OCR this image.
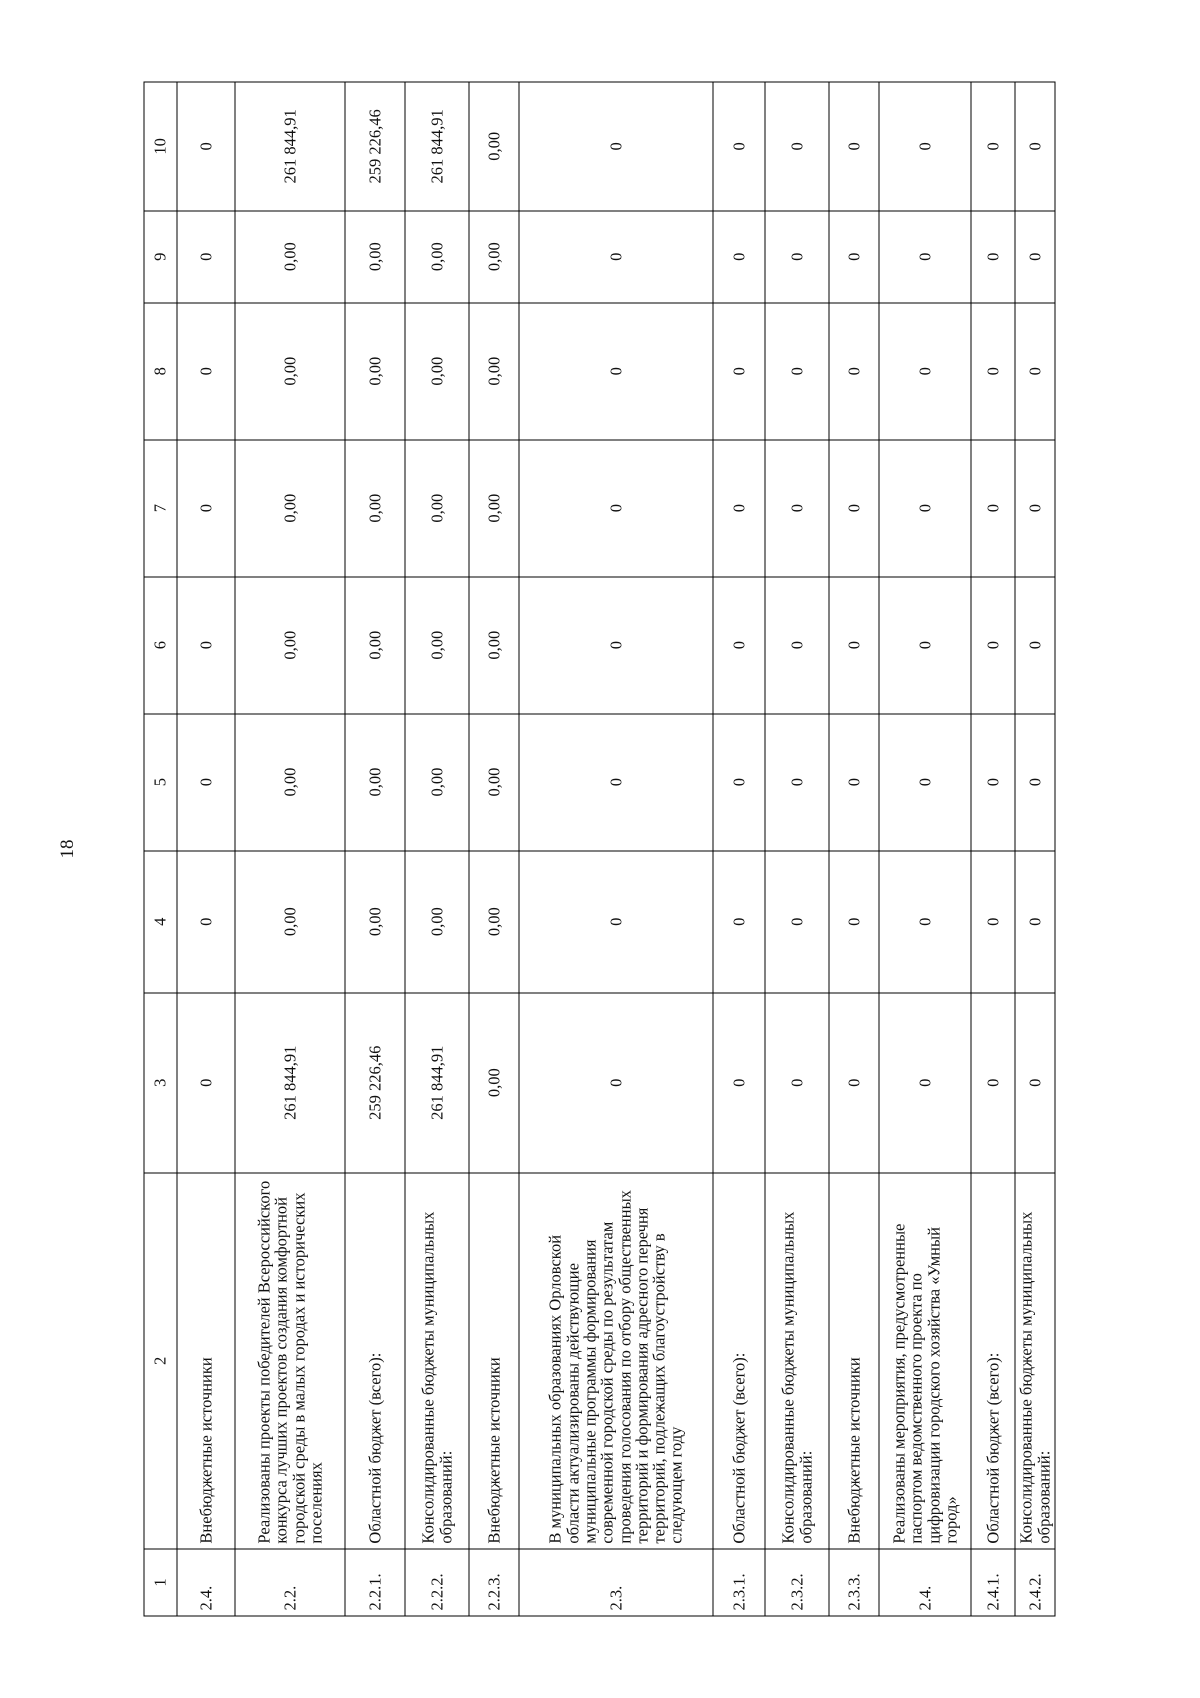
18
1	2	3	4	5	6	7	8	9	10
2.4.	Внебюджетные источники	0	0	0	0	0	0	0	0
2.2.	Реализованы проекты победителей Всероссийского конкурса лучших проектов создания комфортной городской среды в малых городах и исторических поселениях	261 844,91	0,00	0,00	0,00	0,00	0,00	0,00	261 844,91
2.2.1.	Областной бюджет (всего):	259 226,46	0,00	0,00	0,00	0,00	0,00	0,00	259 226,46
2.2.2.	Консолидированные бюджеты муниципальных образований:	261 844,91	0,00	0,00	0,00	0,00	0,00	0,00	261 844,91
2.2.3.	Внебюджетные источники	0,00	0,00	0,00	0,00	0,00	0,00	0,00	0,00
2.3.	В муниципальных образованиях Орловской области актуализированы действующие муниципальные программы формирования современной городской среды по результатам проведения голосования по отбору общественных территорий и формирования адресного перечня территорий, подлежащих благоустройству в следующем году	0	0	0	0	0	0	0	0
2.3.1.	Областной бюджет (всего):	0	0	0	0	0	0	0	0
2.3.2.	Консолидированные бюджеты муниципальных образований:	0	0	0	0	0	0	0	0
2.3.3.	Внебюджетные источники	0	0	0	0	0	0	0	0
2.4.	Реализованы мероприятия, предусмотренные паспортом ведомственного проекта по цифровизации городского хозяйства «Умный город»	0	0	0	0	0	0	0	0
2.4.1.	Областной бюджет (всего):	0	0	0	0	0	0	0	0
2.4.2.	Консолидированные бюджеты муниципальных образований:	0	0	0	0	0	0	0	0
